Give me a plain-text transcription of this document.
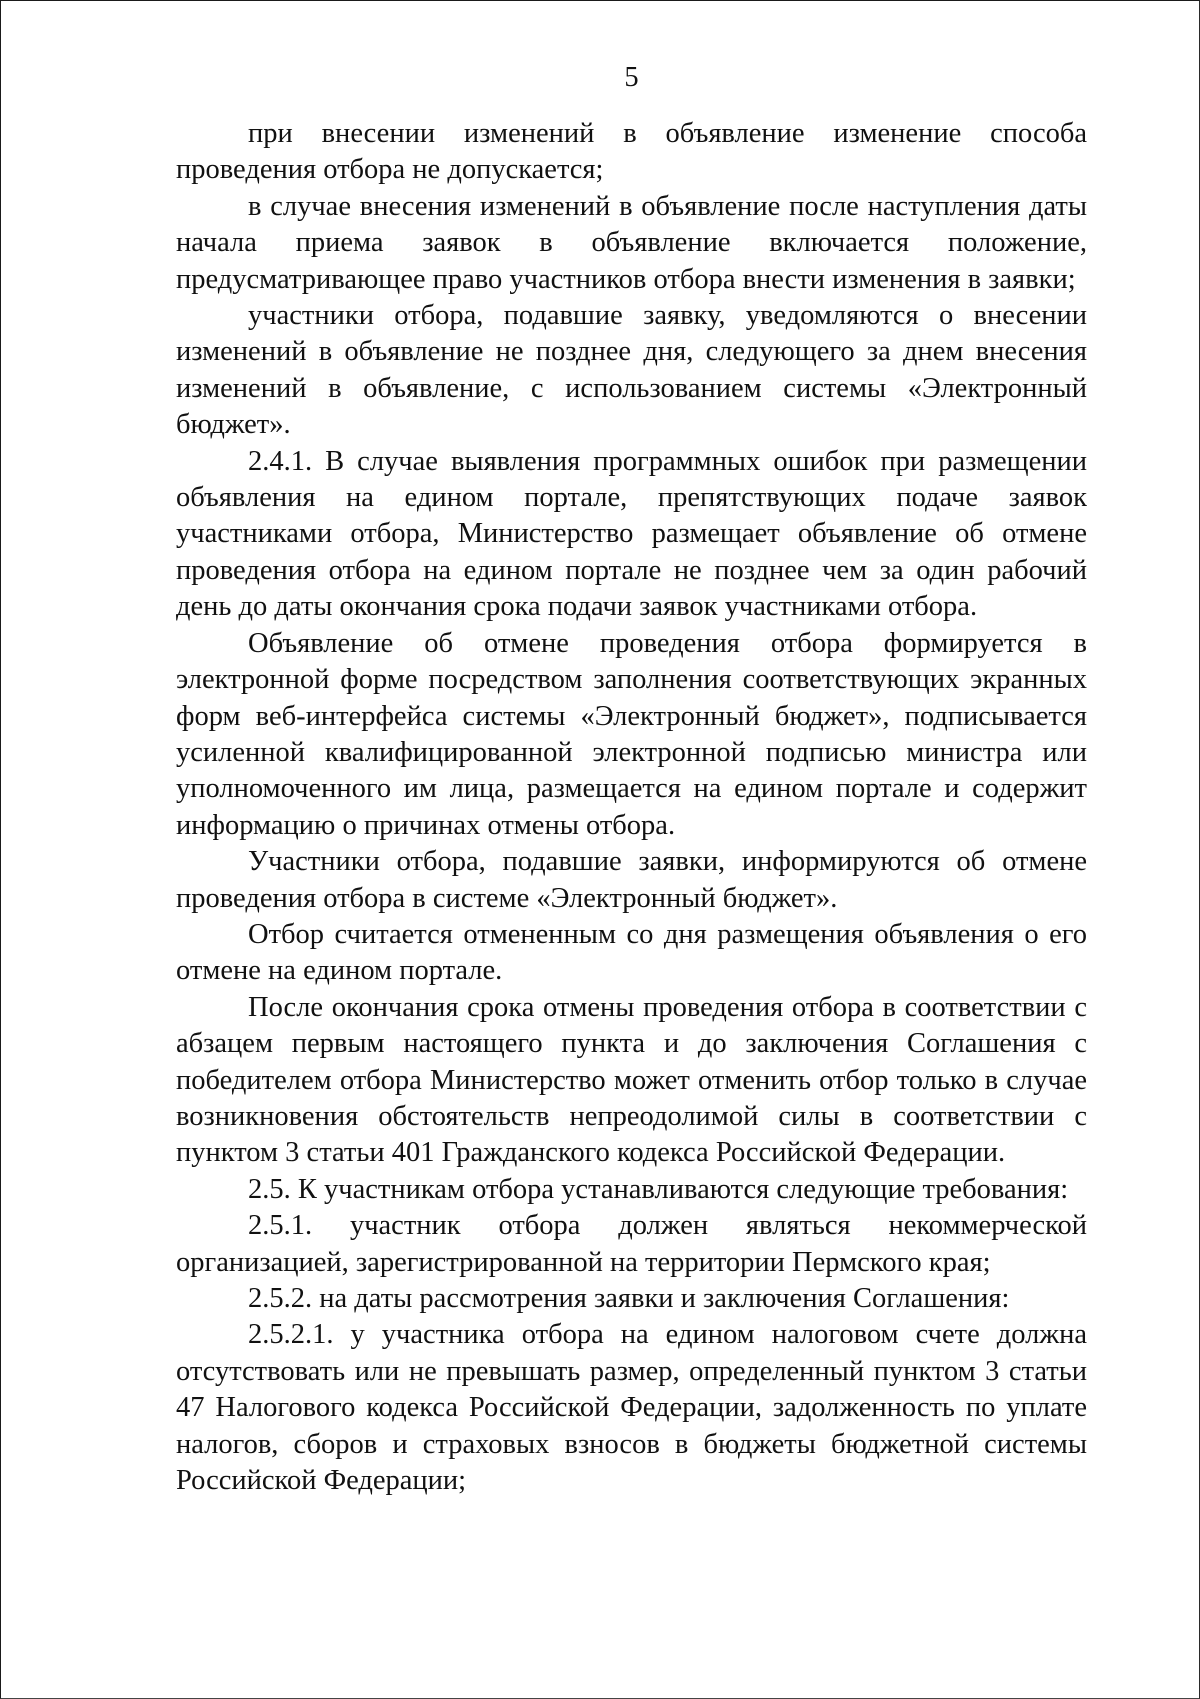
5

при внесении изменений в объявление изменение способа проведения отбора не допускается;

в случае внесения изменений в объявление после наступления даты начала приема заявок в объявление включается положение, предусматривающее право участников отбора внести изменения в заявки;

участники отбора, подавшие заявку, уведомляются о внесении изменений в объявление не позднее дня, следующего за днем внесения изменений в объявление, с использованием системы «Электронный бюджет».

2.4.1. В случае выявления программных ошибок при размещении объявления на едином портале, препятствующих подаче заявок участниками отбора, Министерство размещает объявление об отмене проведения отбора на едином портале не позднее чем за один рабочий день до даты окончания срока подачи заявок участниками отбора.

Объявление об отмене проведения отбора формируется в электронной форме посредством заполнения соответствующих экранных форм веб-интерфейса системы «Электронный бюджет», подписывается усиленной квалифицированной электронной подписью министра или уполномоченного им лица, размещается на едином портале и содержит информацию о причинах отмены отбора.

Участники отбора, подавшие заявки, информируются об отмене проведения отбора в системе «Электронный бюджет».

Отбор считается отмененным со дня размещения объявления о его отмене на едином портале.

После окончания срока отмены проведения отбора в соответствии с абзацем первым настоящего пункта и до заключения Соглашения с победителем отбора Министерство может отменить отбор только в случае возникновения обстоятельств непреодолимой силы в соответствии с пунктом 3 статьи 401 Гражданского кодекса Российской Федерации.

2.5. К участникам отбора устанавливаются следующие требования:

2.5.1. участник отбора должен являться некоммерческой организацией, зарегистрированной на территории Пермского края;

2.5.2. на даты рассмотрения заявки и заключения Соглашения:

2.5.2.1. у участника отбора на едином налоговом счете должна отсутствовать или не превышать размер, определенный пунктом 3 статьи 47 Налогового кодекса Российской Федерации, задолженность по уплате налогов, сборов и страховых взносов в бюджеты бюджетной системы Российской Федерации;
